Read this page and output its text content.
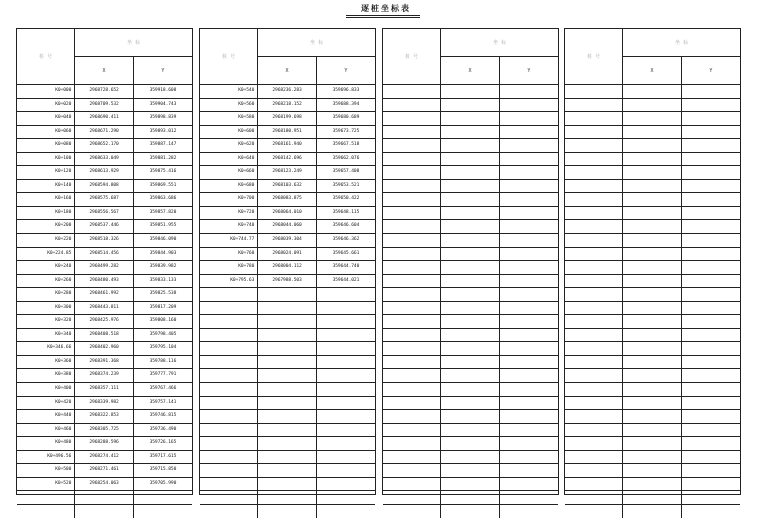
逐桩坐标表
桩 号	坐 标	
	X	Y
K0+000	2968728.652	359918.608
K0+020	2968709.532	359904.743
K0+040	2968690.411	359898.839
K0+060	2968671.290	359893.012
K0+080	2968652.170	359887.147
K0+100	2968633.049	359881.282
K0+120	2968613.929	359875.416
K0+140	2968594.808	359869.551
K0+160	2968575.687	359863.686
K0+180	2968556.567	359857.820
K0+200	2968537.446	359851.955
K0+220	2968518.326	359846.090
K0+224.85	2968514.456	359844.903
K0+240	2968499.282	359839.982
K0+260	2968480.493	359833.133
K0+280	2968461.992	359825.538
K0+300	2968443.811	359817.209
K0+320	2968425.976	359808.160
K0+340	2968408.518	359798.405
K0+346.66	2968402.960	359795.104
K0+360	2968391.368	359788.116
K0+380	2968374.239	359777.791
K0+400	2968357.111	359767.466
K0+420	2968339.982	359757.141
K0+440	2968322.853	359746.815
K0+460	2968305.725	359736.490
K0+480	2968288.596	359726.165
K0+496.56	2968274.412	359717.615
K0+500	2968271.461	359715.850
K0+520	2968254.063	359705.990

桩 号	坐 标	
	X	Y
K0+540	2968236.283	359696.833
K0+560	2968218.152	359688.394
K0+580	2968199.698	359680.689
K0+600	2968180.951	359673.725
K0+620	2968161.940	359667.518
K0+640	2968142.696	359662.076
K0+660	2968123.249	359657.408
K0+680	2968103.632	359653.521
K0+700	2968083.875	359650.422
K0+720	2968064.010	359648.115
K0+740	2968044.060	359646.604
K0+744.77	2968039.304	359646.362
K0+760	2968024.091	359645.661
K0+780	2968004.112	359644.740
K0+795.63	2967988.503	359644.021

桩 号	坐 标	
	X	Y

桩 号	坐 标	
	X	Y
